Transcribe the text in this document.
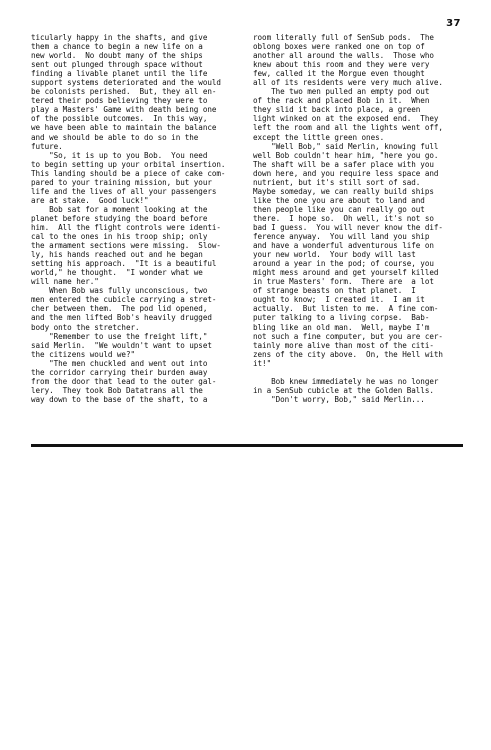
37
ticularly happy in the shafts, and give
them a chance to begin a new life on a
new world.  No doubt many of the ships
sent out plunged through space without
finding a livable planet until the life
support systems deteriorated and the would
be colonists perished.  But, they all en-
tered their pods believing they were to
play a Masters' Game with death being one
of the possible outcomes.  In this way,
we have been able to maintain the balance
and we should be able to do so in the
future.
"So, it is up to you Bob.  You need
to begin setting up your orbital insertion.
This landing should be a piece of cake com-
pared to your training mission, but your
life and the lives of all your passengers
are at stake.  Good luck!"
Bob sat for a moment looking at the
planet before studying the board before
him.  All the flight controls were identi-
cal to the ones in his troop ship; only
the armament sections were missing.  Slow-
ly, his hands reached out and he began
setting his approach.  "It is a beautiful
world," he thought.  "I wonder what we
will name her."
When Bob was fully unconscious, two
men entered the cubicle carrying a stret-
cher between them.  The pod lid opened,
and the men lifted Bob's heavily drugged
body onto the stretcher.
"Remember to use the freight lift,"
said Merlin.  "We wouldn't want to upset
the citizens would we?"
"The men chuckled and went out into
the corridor carrying their burden away
from the door that lead to the outer gal-
lery.  They took Bob Datatrans all the
way down to the base of the shaft, to a
room literally full of SenSub pods.  The
oblong boxes were ranked one on top of
another all around the walls.  Those who
knew about this room and they were very
few, called it the Morgue even thought
all of its residents were very much alive.
The two men pulled an empty pod out
of the rack and placed Bob in it.  When
they slid it back into place, a green
light winked on at the exposed end.  They
left the room and all the lights went off,
except the little green ones.
"Well Bob," said Merlin, knowing full
well Bob couldn't hear him, "here you go.
The shaft will be a safer place with you
down here, and you require less space and
nutrient, but it's still sort of sad.
Maybe someday, we can really build ships
like the one you are about to land and
then people like you can really go out
there.  I hope so.  Oh well, it's not so
bad I guess.  You will never know the dif-
ference anyway.  You will land you ship
and have a wonderful adventurous life on
your new world.  Your body will last
around a year in the pod; of course, you
might mess around and get yourself killed
in true Masters' form.  There are  a lot
of strange beasts on that planet.  I
ought to know;  I created it.  I am it
actually.  But listen to me.  A fine com-
puter talking to a living corpse.  Bab-
bling like an old man.  Well, maybe I'm
not such a fine computer, but you are cer-
tainly more alive than most of the citi-
zens of the city above.  On, the Hell with
it!"
Bob knew immediately he was no longer
in a SenSub cubicle at the Golden Balls.
"Don't worry, Bob," said Merlin...
